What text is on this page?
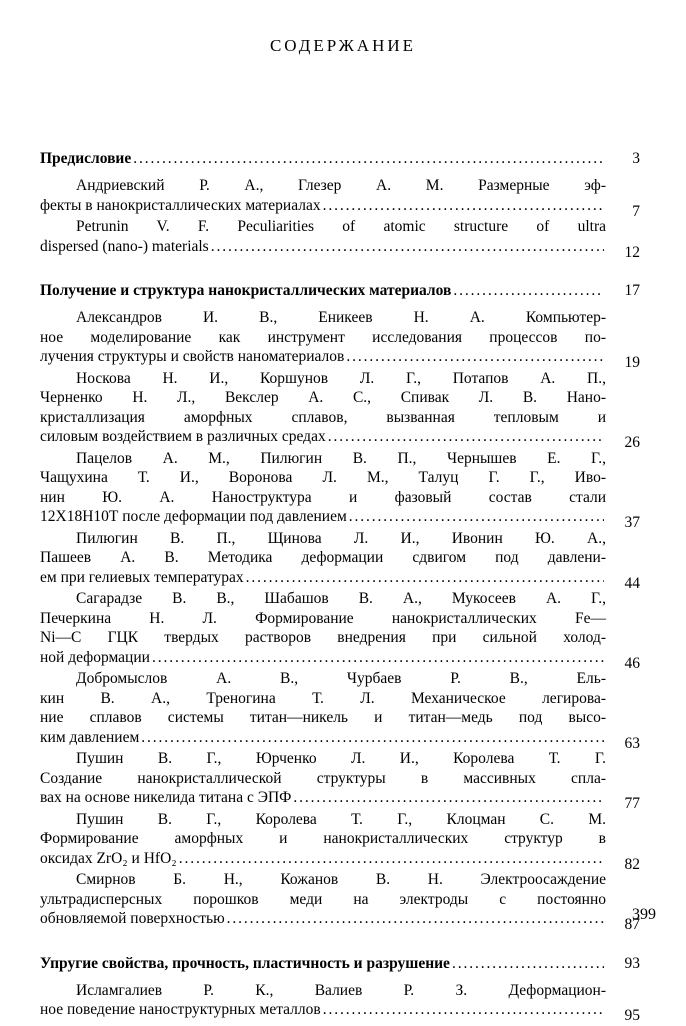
СОДЕРЖАНИЕ
Предисловие . . .	3
Андриевский Р. А., Глезер А. М. Размерные эф-
фекты в нанокристаллических материалах . . .	7
Petrunin V. F. Peculiarities of atomic structure of ultra
dispersed (nano-) materials . . .	12
Получение и структура нанокристаллических материалов . . .	17
Александров И. В., Еникеев Н. А. Компьютер-
ное моделирование как инструмент исследования процессов по-
лучения структуры и свойств наноматериалов . . .	19
Носкова Н. И., Коршунов Л. Г., Потапов А. П.,
Черненко Н. Л., Векслер А. С., Спивак Л. В. Нано-
кристаллизация аморфных сплавов, вызванная тепловым и
силовым воздействием в различных средах . . .	26
Пацелов А. М., Пилюгин В. П., Чернышев Е. Г.,
Чащухина Т. И., Воронова Л. М., Талуц Г. Г., Иво-
нин Ю. А. Наноструктура и фазовый состав стали
12Х18Н10Т после деформации под давлением . . .	37
Пилюгин В. П., Щинова Л. И., Ивонин Ю. А.,
Пашеев А. В. Методика деформации сдвигом под давлени-
ем при гелиевых температурах . . .	44
Сагарадзе В. В., Шабашов В. А., Мукосеев А. Г.,
Печеркина Н. Л. Формирование нанокристаллических Fe—
Ni—C ГЦК твердых растворов внедрения при сильной холод-
ной деформации . . .	46
Добромыслов А. В., Чурбаев Р. В., Ель-
кин В. А., Треногина Т. Л. Механическое легирова-
ние сплавов системы титан—никель и титан—медь под высо-
ким давлением . . .	63
Пушин В. Г., Юрченко Л. И., Королева Т. Г.
Создание нанокристаллической структуры в массивных спла-
вах на основе никелида титана с ЭПФ . . .	77
Пушин В. Г., Королева Т. Г., Клоцман С. М.
Формирование аморфных и нанокристаллических структур в
оксидах ZrO₂ и HfO₂ . . .	82
Смирнов Б. Н., Кожанов В. Н. Электроосаждение
ультрадисперсных порошков меди на электроды с постоянно
обновляемой поверхностью . . .	87
Упругие свойства, прочность, пластичность и разрушение . . .	93
Исламгалиев Р. К., Валиев Р. З. Деформацион-
ное поведение наноструктурных металлов . . .	95
399
